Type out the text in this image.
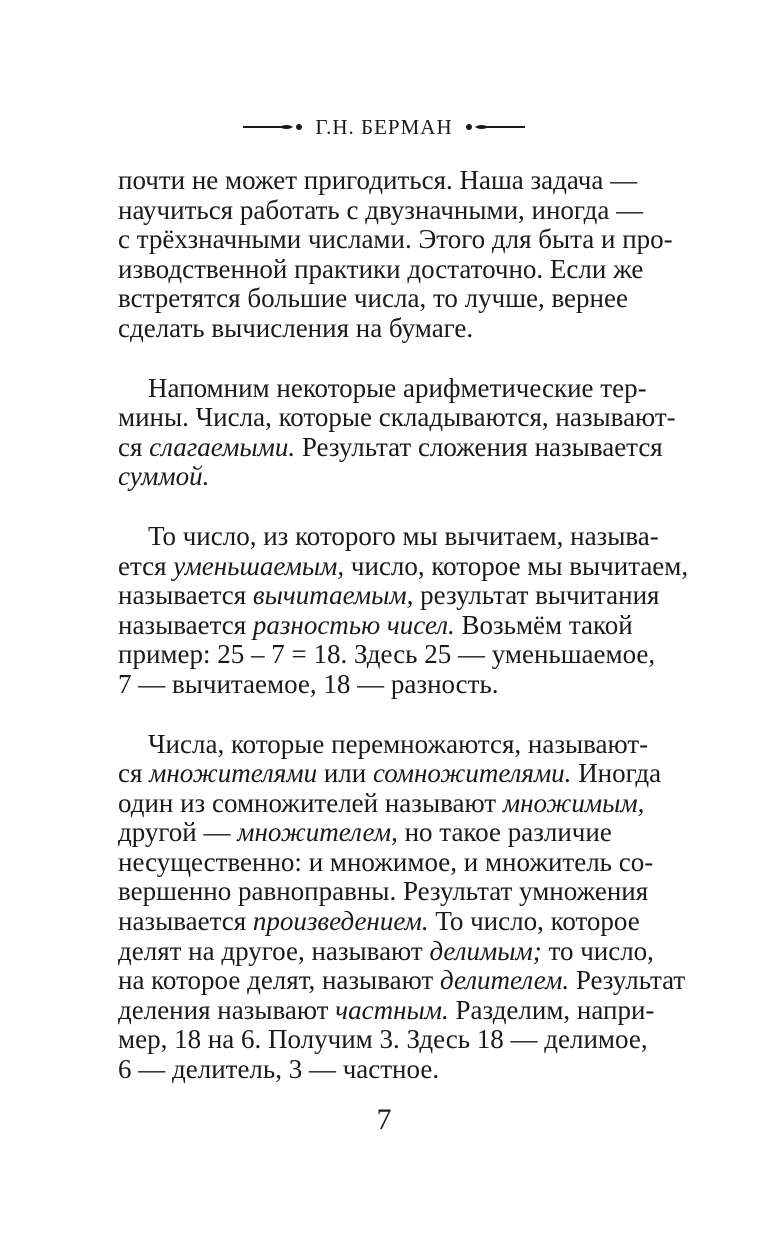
Г.Н. БЕРМАН
почти не может пригодиться. Наша задача —
научиться работать с двузначными, иногда —
с трёхзначными числами. Этого для быта и про-
изводственной практики достаточно. Если же
встретятся большие числа, то лучше, вернее
сделать вычисления на бумаге.
Напомним некоторые арифметические тер-
мины. Числа, которые складываются, называют-
ся слагаемыми. Результат сложения называется
суммой.
То число, из которого мы вычитаем, называ-
ется уменьшаемым, число, которое мы вычитаем,
называется вычитаемым, результат вычитания
называется разностью чисел. Возьмём такой
пример: 25 – 7 = 18. Здесь 25 — уменьшаемое,
7 — вычитаемое, 18 — разность.
Числа, которые перемножаются, называют-
ся множителями или сомножителями. Иногда
один из сомножителей называют множимым,
другой — множителем, но такое различие
несущественно: и множимое, и множитель со-
вершенно равноправны. Результат умножения
называется произведением. То число, которое
делят на другое, называют делимым; то число,
на которое делят, называют делителем. Результат
деления называют частным. Разделим, напри-
мер, 18 на 6. Получим 3. Здесь 18 — делимое,
6 — делитель, 3 — частное.
7
